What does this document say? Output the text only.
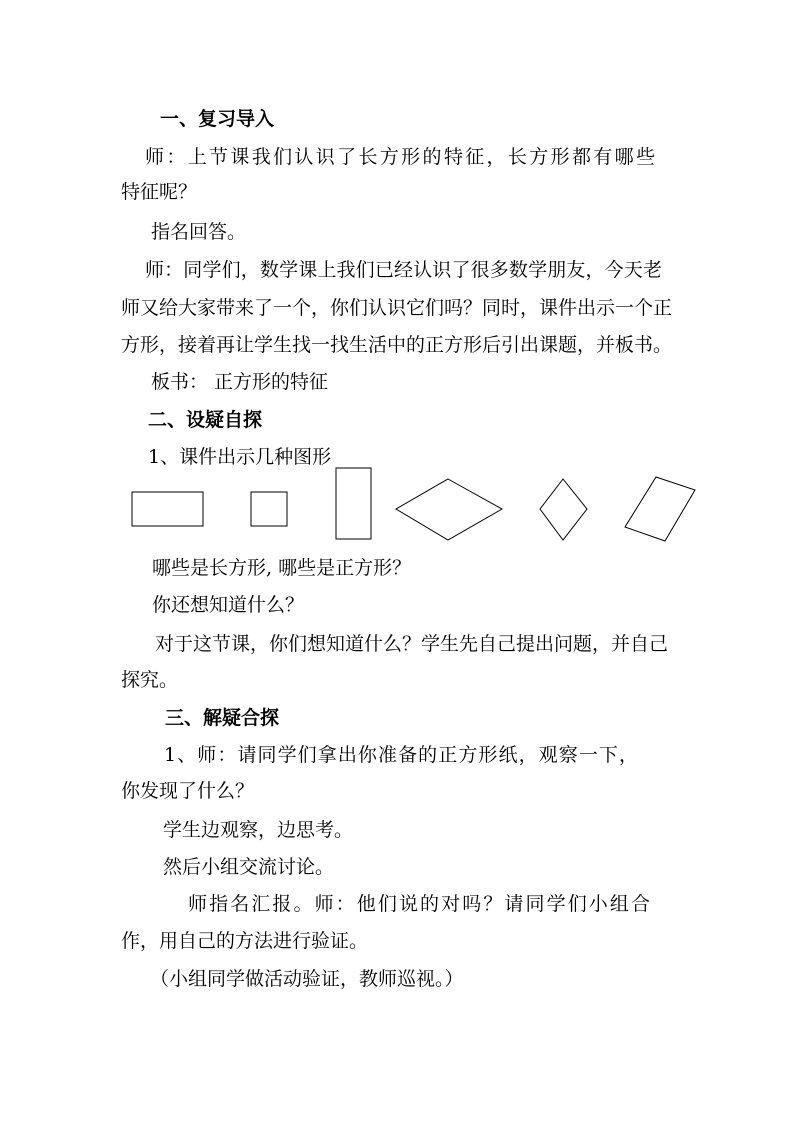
一、复习导入
师：上节课我们认识了长方形的特征，长方形都有哪些
特征呢？
指名回答。
师：同学们，数学课上我们已经认识了很多数学朋友，今天老
师又给大家带来了一个，你们认识它们吗？同时，课件出示一个正
方形，接着再让学生找一找生活中的正方形后引出课题，并板书。
板书： 正方形的特征
二、设疑自探
1、课件出示几种图形
哪些是长方形, 哪些是正方形？
你还想知道什么？
对于这节课，你们想知道什么？学生先自己提出问题，并自己
探究。
三、解疑合探
1、师：请同学们拿出你准备的正方形纸，观察一下，
你发现了什么？
学生边观察，边思考。
然后小组交流讨论。
师指名汇报。师：他们说的对吗？请同学们小组合
作，用自己的方法进行验证。
（小组同学做活动验证，教师巡视。）
